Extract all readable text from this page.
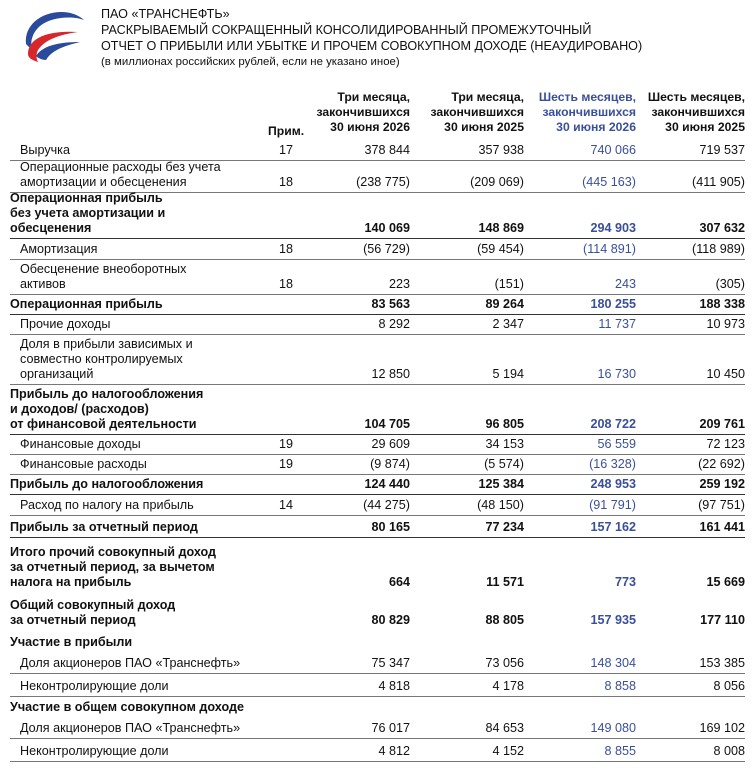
ПАО «ТРАНСНЕФТЬ»
РАСКРЫВАЕМЫЙ СОКРАЩЕННЫЙ КОНСОЛИДИРОВАННЫЙ ПРОМЕЖУТОЧНЫЙ
ОТЧЕТ О ПРИБЫЛИ ИЛИ УБЫТКЕ И ПРОЧЕМ СОВОКУПНОМ ДОХОДЕ (НЕАУДИРОВАНО)
(в миллионах российских рублей, если не указано иное)
Прим.
Три месяца,
закончившихся
30 июня 2026
Три месяца,
закончившихся
30 июня 2025
Шесть месяцев,
закончившихся
30 июня 2026
Шесть месяцев,
закончившихся
30 июня 2025
Выручка	17	378 844	357 938	740 066	719 537
Операционные расходы без учета
амортизации и обесценения	18	(238 775)	(209 069)	(445 163)	(411 905)
Операционная прибыль
без учета амортизации и
обесценения	140 069	148 869	294 903	307 632
Амортизация	18	(56 729)	(59 454)	(114 891)	(118 989)
Обесценение внеоборотных
активов	18	223	(151)	243	(305)
Операционная прибыль	83 563	89 264	180 255	188 338
Прочие доходы	8 292	2 347	11 737	10 973
Доля в прибыли зависимых и
совместно контролируемых
организаций	12 850	5 194	16 730	10 450
Прибыль до налогообложения
и доходов/ (расходов)
от финансовой деятельности	104 705	96 805	208 722	209 761
Финансовые доходы	19	29 609	34 153	56 559	72 123
Финансовые расходы	19	(9 874)	(5 574)	(16 328)	(22 692)
Прибыль до налогообложения	124 440	125 384	248 953	259 192
Расход по налогу на прибыль	14	(44 275)	(48 150)	(91 791)	(97 751)
Прибыль за отчетный период	80 165	77 234	157 162	161 441
Итого прочий совокупный доход
за отчетный период, за вычетом
налога на прибыль	664	11 571	773	15 669
Общий совокупный доход
за отчетный период	80 829	88 805	157 935	177 110
Участие в прибыли
Доля акционеров ПАО «Транснефть»	75 347	73 056	148 304	153 385
Неконтролирующие доли	4 818	4 178	8 858	8 056
Участие в общем совокупном доходе
Доля акционеров ПАО «Транснефть»	76 017	84 653	149 080	169 102
Неконтролирующие доли	4 812	4 152	8 855	8 008
